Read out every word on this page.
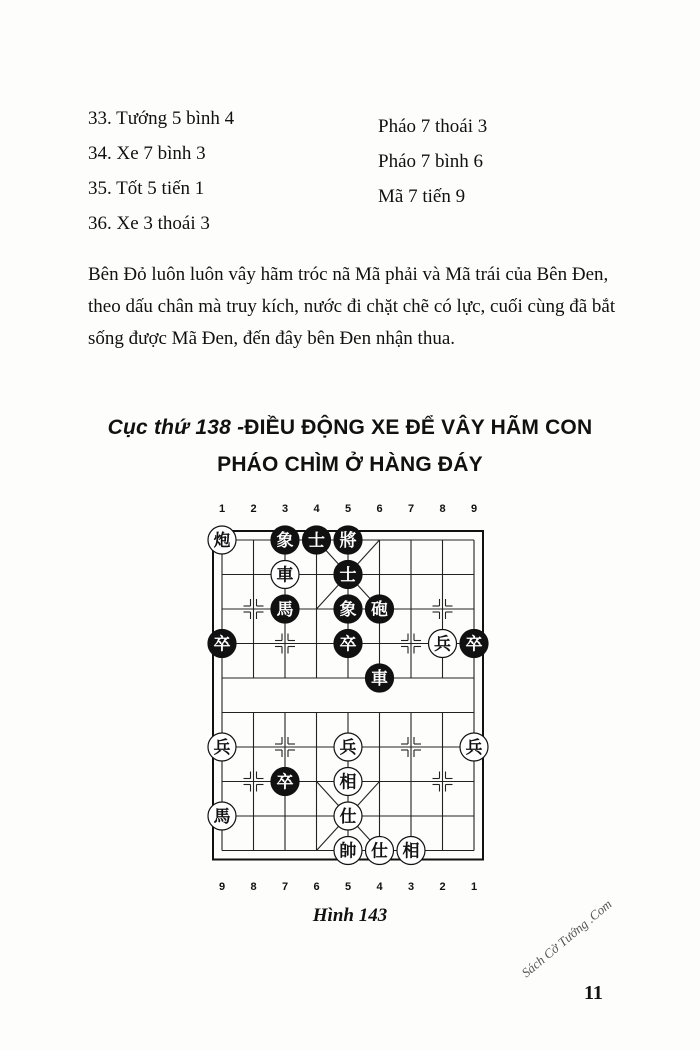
33. Tướng 5 bình 4	Pháo 7 thoái 3
34. Xe 7 bình 3	Pháo 7 bình 6
35. Tốt 5 tiến 1	Mã 7 tiến 9
36. Xe 3 thoái 3

Bên Đỏ luôn luôn vây hãm tróc nã Mã phải và Mã trái của Bên Đen, theo dấu chân mà truy kích, nước đi chặt chẽ có lực, cuối cùng đã bắt sống được Mã Đen, đến đây bên Đen nhận thua.

Cục thứ 138 -ĐIỀU ĐỘNG XE ĐỂ VÂY HÃM CON
PHÁO CHÌM Ở HÀNG ĐÁY
1 2 3 4 5 6 7 8 9
9 8 7 6 5 4 3 2 1
炮	象 士 將
車	士
馬	象 砲
卒	卒	兵 卒
車
兵	兵	兵
卒	相
馬	仕
帥 仕 相
Hình 143
11
Sách Cờ Tướng .Com
